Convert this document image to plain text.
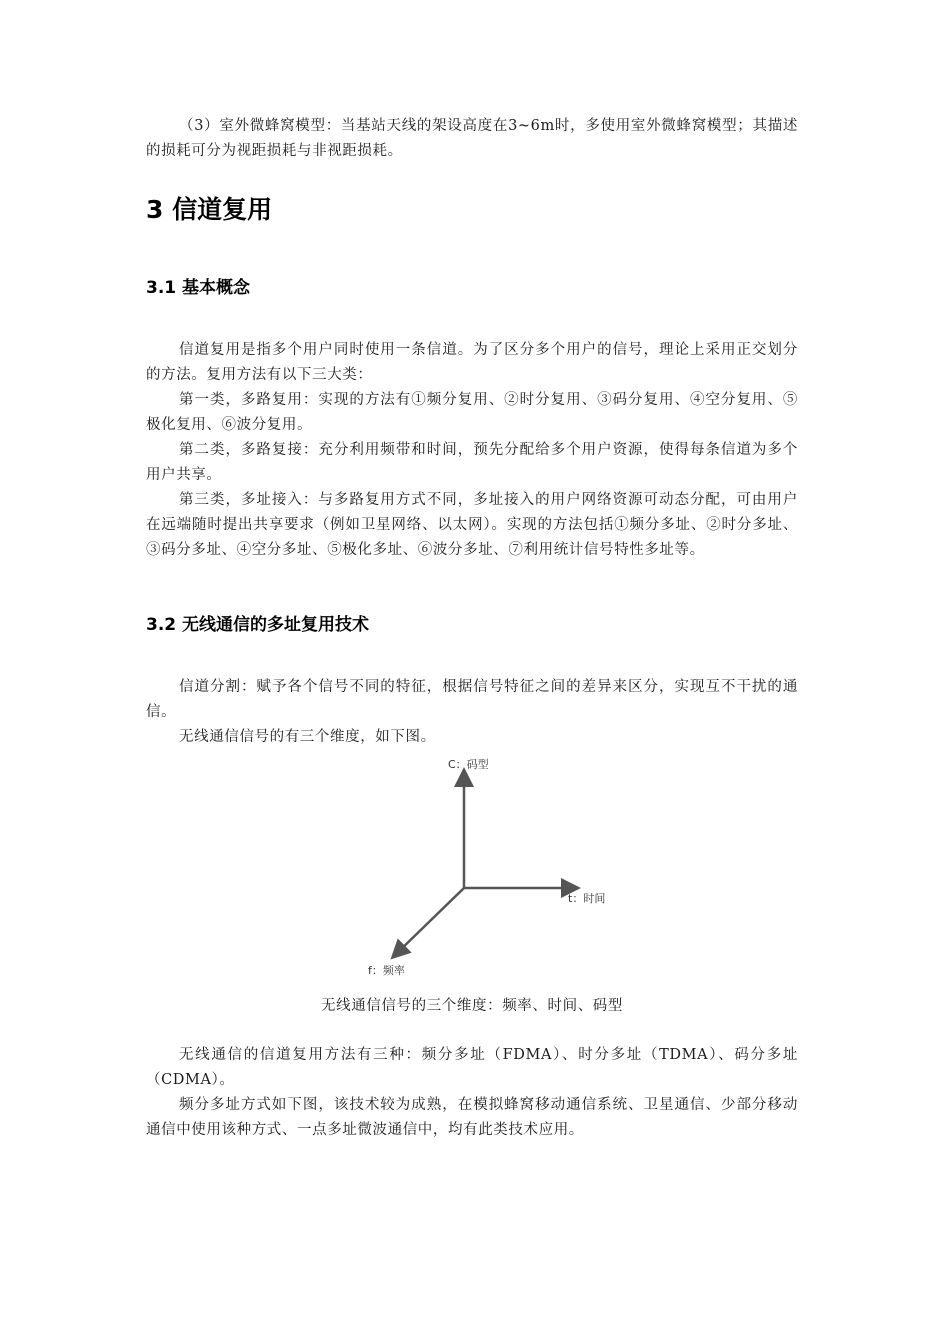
（3）室外微蜂窝模型：当基站天线的架设高度在3~6m时，多使用室外微蜂窝模型；其描述的损耗可分为视距损耗与非视距损耗。

3 信道复用
3.1 基本概念

信道复用是指多个用户同时使用一条信道。为了区分多个用户的信号，理论上采用正交划分的方法。复用方法有以下三大类：

第一类，多路复用：实现的方法有①频分复用、②时分复用、③码分复用、④空分复用、⑤极化复用、⑥波分复用。

第二类，多路复接：充分利用频带和时间，预先分配给多个用户资源，使得每条信道为多个用户共享。

第三类，多址接入：与多路复用方式不同，多址接入的用户网络资源可动态分配，可由用户在远端随时提出共享要求（例如卫星网络、以太网）。实现的方法包括①频分多址、②时分多址、③码分多址、④空分多址、⑤极化多址、⑥波分多址、⑦利用统计信号特性多址等。

3.2 无线通信的多址复用技术

信道分割：赋予各个信号不同的特征，根据信号特征之间的差异来区分，实现互不干扰的通信。

无线通信信号的有三个维度，如下图。

C：码型
t：时间
f：频率

无线通信信号的三个维度：频率、时间、码型

无线通信的信道复用方法有三种：频分多址（FDMA）、时分多址（TDMA）、码分多址（CDMA）。

频分多址方式如下图，该技术较为成熟，在模拟蜂窝移动通信系统、卫星通信、少部分移动通信中使用该种方式、一点多址微波通信中，均有此类技术应用。
